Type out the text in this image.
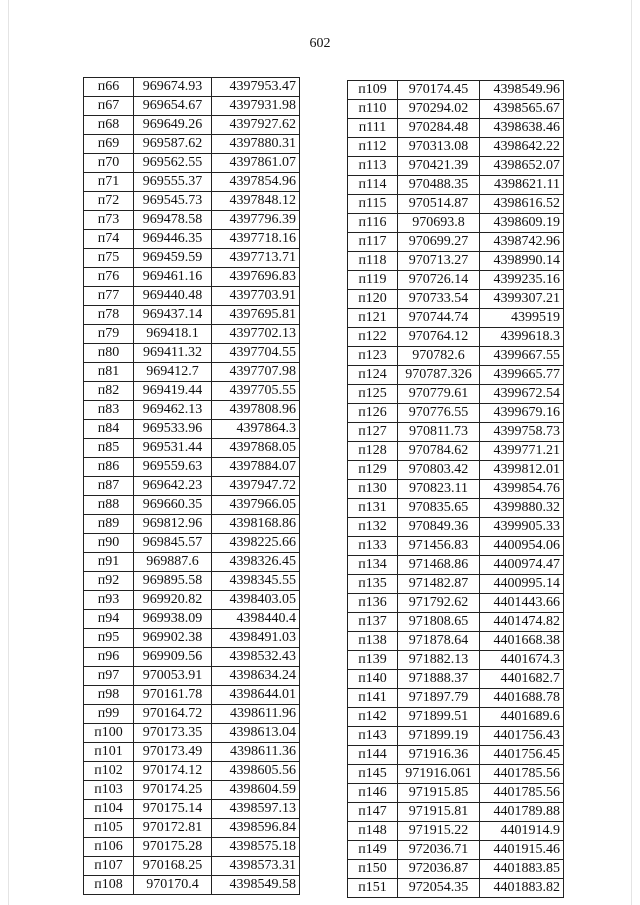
602
п66	969674.93	4397953.47
п67	969654.67	4397931.98
п68	969649.26	4397927.62
п69	969587.62	4397880.31
п70	969562.55	4397861.07
п71	969555.37	4397854.96
п72	969545.73	4397848.12
п73	969478.58	4397796.39
п74	969446.35	4397718.16
п75	969459.59	4397713.71
п76	969461.16	4397696.83
п77	969440.48	4397703.91
п78	969437.14	4397695.81
п79	969418.1	4397702.13
п80	969411.32	4397704.55
п81	969412.7	4397707.98
п82	969419.44	4397705.55
п83	969462.13	4397808.96
п84	969533.96	4397864.3
п85	969531.44	4397868.05
п86	969559.63	4397884.07
п87	969642.23	4397947.72
п88	969660.35	4397966.05
п89	969812.96	4398168.86
п90	969845.57	4398225.66
п91	969887.6	4398326.45
п92	969895.58	4398345.55
п93	969920.82	4398403.05
п94	969938.09	4398440.4
п95	969902.38	4398491.03
п96	969909.56	4398532.43
п97	970053.91	4398634.24
п98	970161.78	4398644.01
п99	970164.72	4398611.96
п100	970173.35	4398613.04
п101	970173.49	4398611.36
п102	970174.12	4398605.56
п103	970174.25	4398604.59
п104	970175.14	4398597.13
п105	970172.81	4398596.84
п106	970175.28	4398575.18
п107	970168.25	4398573.31
п108	970170.4	4398549.58
п109	970174.45	4398549.96
п110	970294.02	4398565.67
п111	970284.48	4398638.46
п112	970313.08	4398642.22
п113	970421.39	4398652.07
п114	970488.35	4398621.11
п115	970514.87	4398616.52
п116	970693.8	4398609.19
п117	970699.27	4398742.96
п118	970713.27	4398990.14
п119	970726.14	4399235.16
п120	970733.54	4399307.21
п121	970744.74	4399519
п122	970764.12	4399618.3
п123	970782.6	4399667.55
п124	970787.326	4399665.77
п125	970779.61	4399672.54
п126	970776.55	4399679.16
п127	970811.73	4399758.73
п128	970784.62	4399771.21
п129	970803.42	4399812.01
п130	970823.11	4399854.76
п131	970835.65	4399880.32
п132	970849.36	4399905.33
п133	971456.83	4400954.06
п134	971468.86	4400974.47
п135	971482.87	4400995.14
п136	971792.62	4401443.66
п137	971808.65	4401474.82
п138	971878.64	4401668.38
п139	971882.13	4401674.3
п140	971888.37	4401682.7
п141	971897.79	4401688.78
п142	971899.51	4401689.6
п143	971899.19	4401756.43
п144	971916.36	4401756.45
п145	971916.061	4401785.56
п146	971915.85	4401785.56
п147	971915.81	4401789.88
п148	971915.22	4401914.9
п149	972036.71	4401915.46
п150	972036.87	4401883.85
п151	972054.35	4401883.82
